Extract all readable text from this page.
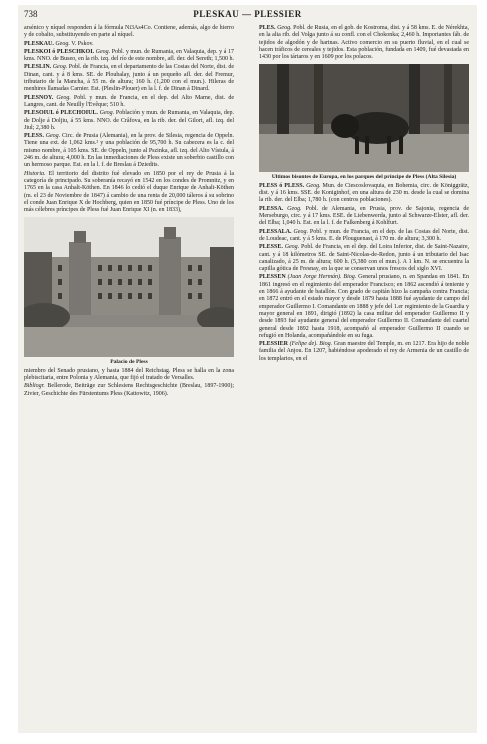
738	PLESKAU — PLESSIER

arsénico y níquel responden á la fórmula Ni3As4Co. Contiene, además, algo de hierro y de cobalto, substituyendo en parte al níquel.

PLESKAU. Geog. V. Pskov.

PLESKOI ó PLESCHKOI. Geog. Pobl. y mun. de Rumania, en Valaquia, dep. y á 17 kms. NNO. de Buseo, en la rib. izq. del río de este nombre, afl. der. del Sereth; 1,500 h.

PLESLIN. Geog. Pobl. de Francia, en el departamento de las Costas del Norte, dist. de Dinan, cant. y á 8 kms. SE. de Ploubalay, junto á un pequeño afl. der. del Fremur, tributario de la Mancha, á 55 m. de altura; 160 h. (1,200 con el mun.). Hileras de menhires llamadas Carnier. Est. (Pleslin-Plouer) en la l. f. de Dinan á Dinard.

PLESNOY. Geog. Pobl. y mun. de Francia, en el dep. del Alto Marne, dist. de Langres, cant. de Neuilly l'Evêque; 510 h.

PLESOIUL ó PLECHOIUL. Geog. Población y mun. de Rumania, en Valaquia, dep. de Dolje á Doljiu, á 55 kms. NNO. de Crâfova, en la rib. der. del Gilort, afl. izq. del Jiul; 2,380 h.

PLESS. Geog. Circ. de Prusia (Alemania), en la prov. de Silesia, regencia de Oppeln. Tiene una ext. de 1,062 kms.² y una población de 95,700 h. Su cabecera es la c. del mismo nombre, á 105 kms. SE. de Oppeln, junto al Pszinka, afl. izq. del Alto Vístula, á 246 m. de altura; 4,000 h. En las inmediaciones de Pless existe un soberbio castillo con un hermoso parque. Est. en la l. f. de Breslau á Dziedits.

Historia. El territorio del distrito fué elevado en 1850 por el rey de Prusia á la categoría de principado. Su soberanía recayó en 1542 en los condes de Promnitz, y en 1765 en la casa Anhalt-Köthen. En 1846 lo cedió el duque Enrique de Anhalt-Köthen (m. el 23 de Noviembre de 1847) á cambio de una renta de 20,000 táleros á su sobrino el conde Juan Enrique X de Hochberg, quien en 1850 fué príncipe de Pless. Uno de los más célebres príncipes de Pless fué Juan Enrique XI (n. en 1833),

Palacio de Pless

miembro del Senado prusiano, y hasta 1884 del Reichstag. Pless se halla en la zona plebiscitaria, entre Polonia y Alemania, que fijó el tratado de Versalles.

Bibliogr. Bellerode, Beiträge zur Schlesiens Rechtsgeschichte (Breslau, 1897-1900); Zivier, Geschichte des Fürstentums Pless (Kattowitz, 1906).

PLES. Geog. Pobl. de Rusia, en el gob. de Kostroma, dist. y á 58 kms. E. de Nérekhta, en la alta rib. del Volga junto á su confl. con el Chokonka; 2,460 h. Importantes fáb. de tejidos de algodón y de harinas. Activo comercio en su puerto fluvial, en el cual se hacen tráficos de cereales y tejidos. Esta población, fundada en 1409, fué devastada en 1430 por los tártaros y en 1609 por los polacos.

Ultimos bisontes de Europa, en los parques del príncipe de Pless (Alta Silesia)

PLESS ó PLESS. Geog. Mun. de Ciescoslovaquia, en Bohemia, circ. de Königgrätz, dist. y á 16 kms. SSE. de Koniginhof, en una altura de 230 m. desde la cual se domina la rib. der. del Elba; 1,780 h. (con centros poblaciones).

PLESSA. Geog. Pobl. de Alemania, en Prusia, prov. de Sajonia, regencia de Merseburgo, circ. y á 17 kms. ESE. de Liebenwerda, junto al Schwarze-Elster, afl. der. del Elba; 1,040 h. Est. en la l. f. de Falkenberg á Kohlfurt.

PLESSALA. Geog. Pobl. y mun. de Francia, en el dep. de las Costas del Norte, dist. de Loudeac, cant. y á 5 kms. E. de Plouguenast, á 170 m. de altura; 3,300 h.

PLESSE. Geog. Pobl. de Francia, en el dep. del Loira Inferior, dist. de Saint-Nazaire, cant. y á 18 kilómetros SE. de Saint-Nicolas-de-Redon, junto á un tributario del Isac canalizado, á 25 m. de altura; 600 h. (5,380 con el mun.). A 1 km. N. se encuentra la capilla gótica de Fresnay, en la que se conservan unos frescos del siglo XVI.

PLESSEN (Juan Jorge Hermán). Biog. General prusiano, n. en Spandau en 1841. En 1861 ingresó en el regimiento del emperador Francisco; en 1862 ascendió á teniente y en 1866 á ayudante de batallón. Con grado de capitán hizo la campaña contra Francia; en 1872 entró en el estado mayor y desde 1879 hasta 1888 fué ayudante de campo del emperador Guillermo I. Comandante en 1888 y jefe del 1.er regimiento de la Guardia y mayor general en 1891, dirigió (1892) la casa militar del emperador Guillermo II y desde 1893 fué ayudante general del emperador Guillermo II. Comandante del cuartel general desde 1892 hasta 1918, acompañó al emperador Guillermo II cuando se refugió en Holanda, acompañándole en su fuga.

PLESSIER (Felipe de). Biog. Gran maestre del Temple, m. en 1217. Era hijo de noble familia del Anjou. En 1207, habiéndose apoderado el rey de Armenia de un castillo de los templarios, en el
